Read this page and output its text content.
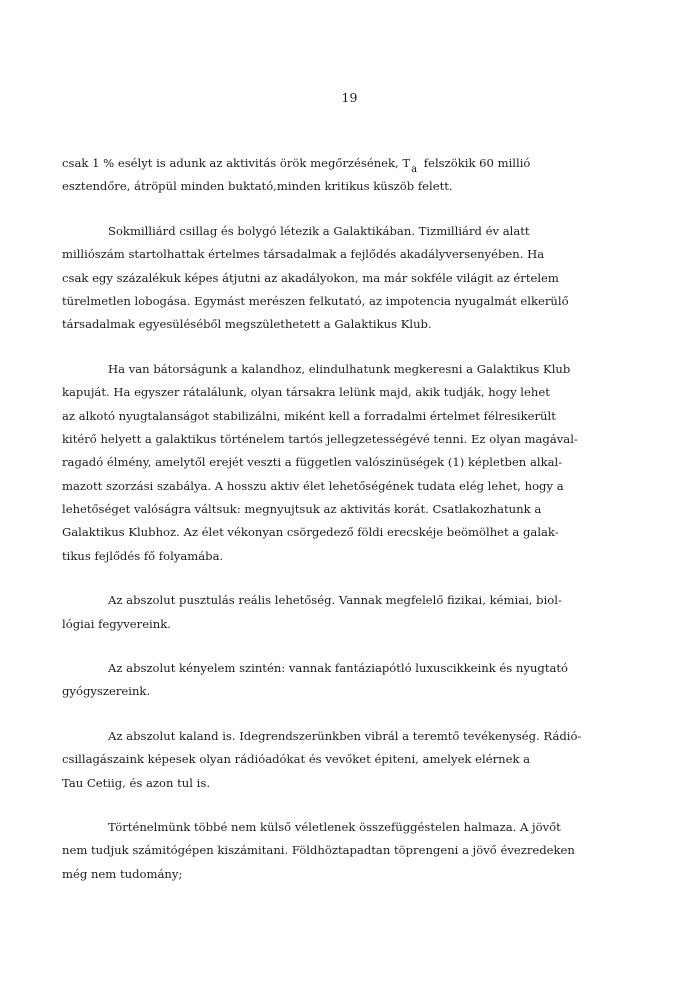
19
csak 1 % esélyt is adunk az aktivitás örök megőrzésének, $T_a$ felszökik 60 millió
esztendőre, átröpül minden buktató,minden kritikus küszöb felett.
Sokmilliárd csillag és bolygó létezik a Galaktikában. Tizmilliárd év alatt
milliószám startolhattak értelmes társadalmak a fejlődés akadályversenyében. Ha
csak egy százalékuk képes átjutni az akadályokon, ma már sokféle világit az értelem
türelmetlen lobogása. Egymást merészen felkutató, az impotencia nyugalmát elkerülő
társadalmak egyesüléséből megszülethetett a Galaktikus Klub.
Ha van bátorságunk a kalandhoz, elindulhatunk megkeresni a Galaktikus Klub
kapuját. Ha egyszer rátalálunk, olyan társakra lelünk majd, akik tudják, hogy lehet
az alkotó nyugtalanságot stabilizálni, miként kell a forradalmi értelmet félresikerült
kitérő helyett a galaktikus történelem tartós jellegzetességévé tenni. Ez olyan magával-
ragadó élmény, amelytől erejét veszti a független valószinüségek (1) képletben alkal-
mazott szorzási szabálya. A hosszu aktiv élet lehetőségének tudata elég lehet, hogy a
lehetőséget valóságra váltsuk: megnyujtsuk az aktivitás korát. Csatlakozhatunk a
Galaktikus Klubhoz. Az élet vékonyan csörgedező földi erecskéje beömölhet a galak-
tikus fejlődés fő folyamába.
Az abszolut pusztulás reális lehetőség. Vannak megfelelő fizikai, kémiai, biol-
lógiai fegyvereink.
Az abszolut kényelem szintén: vannak fantáziapótló luxuscikkeink és nyugtató
gyógyszereink.
Az abszolut kaland is. Idegrendszerünkben vibrál a teremtő tevékenység. Rádió-
csillagászaink képesek olyan rádióadókat és vevőket épiteni, amelyek elérnek a
Tau Cetiig, és azon tul is.
Történelmünk többé nem külső véletlenek összefüggéstelen halmaza. A jövőt
nem tudjuk számitógépen kiszámitani. Földhöztapadtan töprengeni a jövő évezredeken
még nem tudomány;
